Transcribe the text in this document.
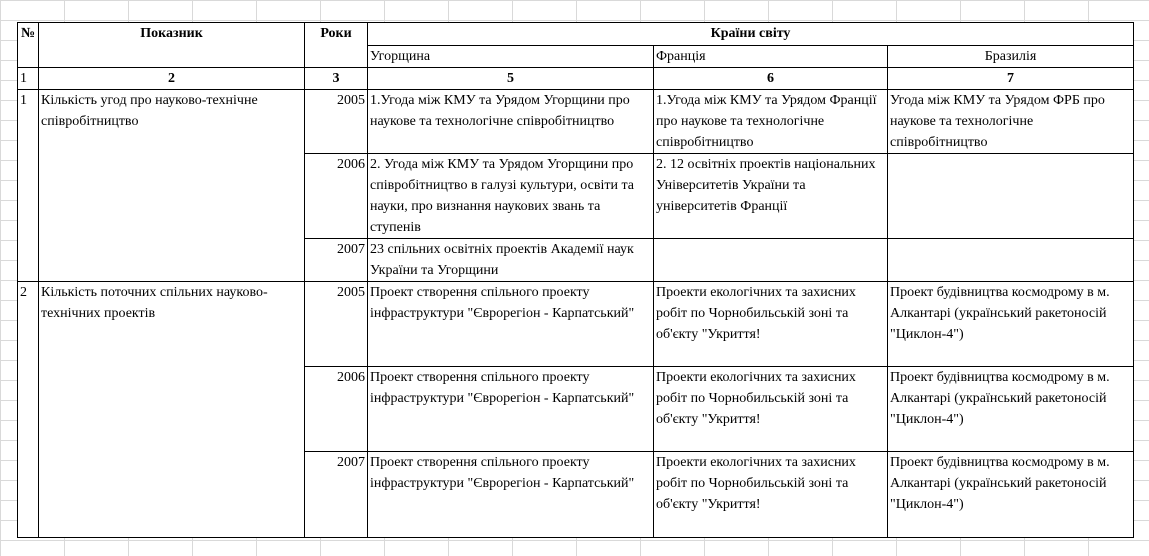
№	Показник	Роки	Країни світу		
			Угорщина	Франція	Бразилія
1	2	3	5	6	7
1	Кількість угод про науково-технічне співробітництво	2005	1.Угода між КМУ та Урядом Угорщини про наукове та технологічне співробітництво	1.Угода між КМУ та Урядом Франції про наукове та технологічне співробітництво	Угода між КМУ та Урядом ФРБ про наукове та технологічне співробітництво
		2006	2. Угода між КМУ та Урядом Угорщини про співробітництво в галузі культури, освіти та науки, про визнання наукових звань та ступенів	2. 12 освітніх проектів національних Університетів України та університетів Франції	
		2007	23 спільних освітніх проектів Академії наук України та Угорщини		
2	Кількість поточних спільних науково-технічних проектів	2005	Проект створення спільного проекту інфраструктури "Єврорегіон - Карпатський"	Проекти екологічних та захисних робіт по Чорнобильській зоні та об'єкту "Укриття!	Проект будівництва космодрому в м. Алкантарі (український ракетоносій "Циклон-4")
		2006	Проект створення спільного проекту інфраструктури "Єврорегіон - Карпатський"	Проекти екологічних та захисних робіт по Чорнобильській зоні та об'єкту "Укриття!	Проект будівництва космодрому в м. Алкантарі (український ракетоносій "Циклон-4")
		2007	Проект створення спільного проекту інфраструктури "Єврорегіон - Карпатський"	Проекти екологічних та захисних робіт по Чорнобильській зоні та об'єкту "Укриття!	Проект будівництва космодрому в м. Алкантарі (український ракетоносій "Циклон-4")
